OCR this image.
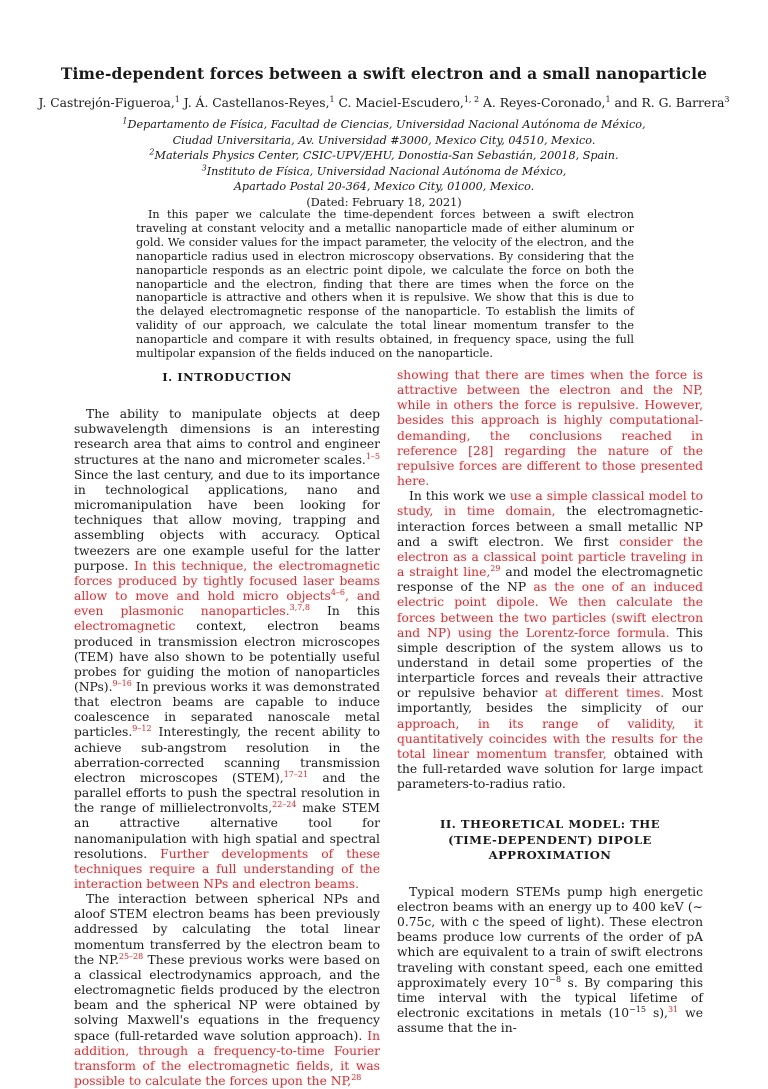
Time-dependent forces between a swift electron and a small nanoparticle
J. Castrejón-Figueroa,$^1$ J. Á. Castellanos-Reyes,$^1$ C. Maciel-Escudero,$^{1, 2}$ A. Reyes-Coronado,$^1$ and R. G. Barrera$^3$
$^1$Departamento de Física, Facultad de Ciencias, Universidad Nacional Autónoma de México,
Ciudad Universitaria, Av. Universidad #3000, Mexico City, 04510, Mexico.
$^2$Materials Physics Center, CSIC-UPV/EHU, Donostia-San Sebastián, 20018, Spain.
$^3$Instituto de Física, Universidad Nacional Autónoma de México,
Apartado Postal 20-364, Mexico City, 01000, Mexico.
(Dated: February 18, 2021)
In this paper we calculate the time-dependent forces between a swift electron traveling at constant velocity and a metallic nanoparticle made of either aluminum or gold. We consider values for the impact parameter, the velocity of the electron, and the nanoparticle radius used in electron microscopy observations. By considering that the nanoparticle responds as an electric point dipole, we calculate the force on both the nanoparticle and the electron, finding that there are times when the force on the nanoparticle is attractive and others when it is repulsive. We show that this is due to the delayed electromagnetic response of the nanoparticle. To establish the limits of validity of our approach, we calculate the total linear momentum transfer to the nanoparticle and compare it with results obtained, in frequency space, using the full multipolar expansion of the fields induced on the nanoparticle.
I. INTRODUCTION

The ability to manipulate objects at deep subwavelength dimensions is an interesting research area that aims to control and engineer structures at the nano and micrometer scales.$^{1-5}$ Since the last century, and due to its importance in technological applications, nano and micromanipulation have been looking for techniques that allow moving, trapping and assembling objects with accuracy. Optical tweezers are one example useful for the latter purpose. In this technique, the electromagnetic forces produced by tightly focused laser beams allow to move and hold micro objects$^{4-6}$, and even plasmonic nanoparticles.$^{3,7,8}$ In this electromagnetic context, electron beams produced in transmission electron microscopes (TEM) have also shown to be potentially useful probes for guiding the motion of nanoparticles (NPs).$^{9-16}$ In previous works it was demonstrated that electron beams are capable to induce coalescence in separated nanoscale metal particles.$^{9-12}$ Interestingly, the recent ability to achieve sub-angstrom resolution in the aberration-corrected scanning transmission electron microscopes (STEM),$^{17-21}$ and the parallel efforts to push the spectral resolution in the range of millielectronvolts,$^{22-24}$ make STEM an attractive alternative tool for nanomanipulation with high spatial and spectral resolutions. Further developments of these techniques require a full understanding of the interaction between NPs and electron beams.

The interaction between spherical NPs and aloof STEM electron beams has been previously addressed by calculating the total linear momentum transferred by the electron beam to the NP.$^{25-28}$ These previous works were based on a classical electrodynamics approach, and the electromagnetic fields produced by the electron beam and the spherical NP were obtained by solving Maxwell's equations in the frequency space (full-retarded wave solution approach). In addition, through a frequency-to-time Fourier transform of the electromagnetic fields, it was possible to calculate the forces upon the NP,$^{28}$

showing that there are times when the force is attractive between the electron and the NP, while in others the force is repulsive. However, besides this approach is highly computational-demanding, the conclusions reached in reference [28] regarding the nature of the repulsive forces are different to those presented here.

In this work we use a simple classical model to study, in time domain, the electromagnetic-interaction forces between a small metallic NP and a swift electron. We first consider the electron as a classical point particle traveling in a straight line,$^{29}$ and model the electromagnetic response of the NP as the one of an induced electric point dipole. We then calculate the forces between the two particles (swift electron and NP) using the Lorentz-force formula. This simple description of the system allows us to understand in detail some properties of the interparticle forces and reveals their attractive or repulsive behavior at different times. Most importantly, besides the simplicity of our approach, in its range of validity, it quantitatively coincides with the results for the total linear momentum transfer, obtained with the full-retarded wave solution for large impact parameters-to-radius ratio.

II. THEORETICAL MODEL: THE
(TIME-DEPENDENT) DIPOLE
APPROXIMATION

Typical modern STEMs pump high energetic electron beams with an energy up to 400 keV (∼ 0.75c, with c the speed of light). These electron beams produce low currents of the order of pA which are equivalent to a train of swift electrons traveling with constant speed, each one emitted approximately every $10^{-8}$ s. By comparing this time interval with the typical lifetime of electronic excitations in metals ($10^{-15}$ s),$^{31}$ we assume that the in-
